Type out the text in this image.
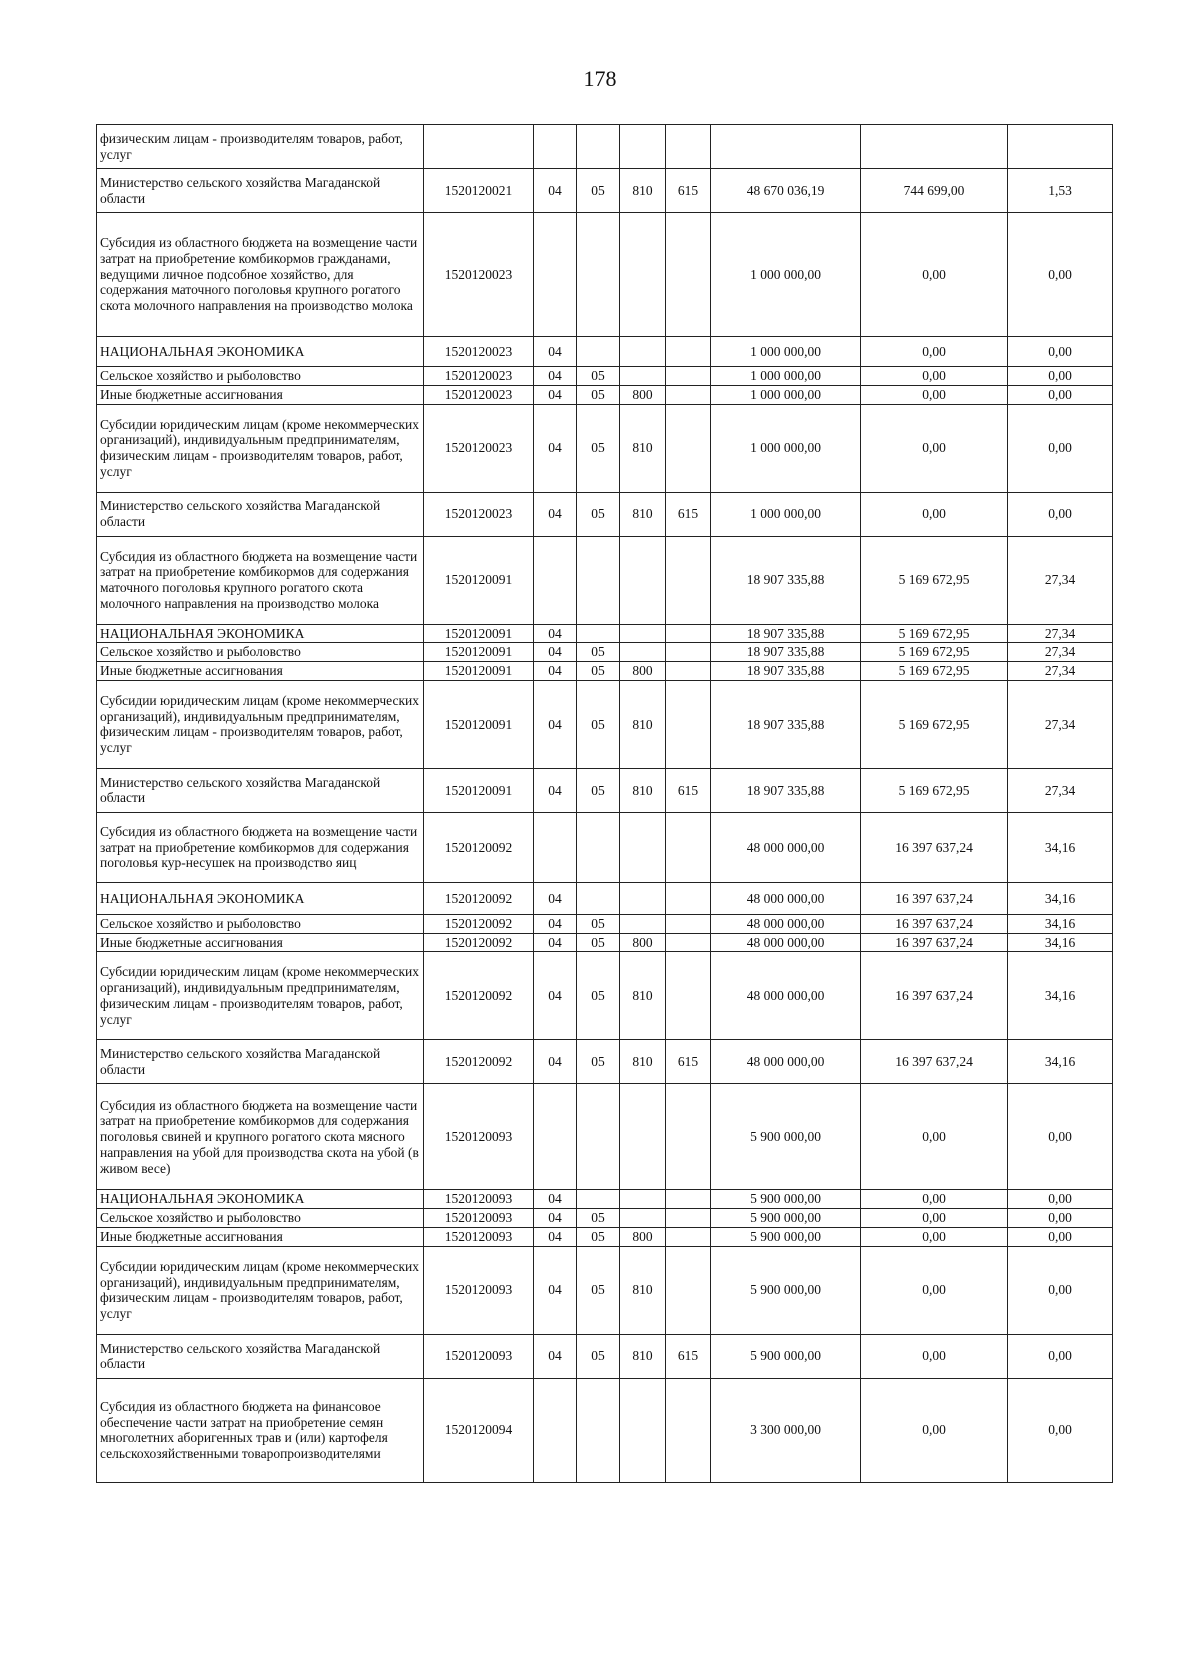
178
физическим лицам - производителям товаров, работ, услуг								
Министерство сельского хозяйства Магаданской области	1520120021	04	05	810	615	48 670 036,19	744 699,00	1,53
Субсидия из областного бюджета на возмещение части затрат на приобретение комбикормов гражданами, ведущими личное подсобное хозяйство, для содержания маточного поголовья крупного рогатого скота молочного направления на производство молока	1520120023					1 000 000,00	0,00	0,00
НАЦИОНАЛЬНАЯ ЭКОНОМИКА	1520120023	04				1 000 000,00	0,00	0,00
Сельское хозяйство и рыболовство	1520120023	04	05			1 000 000,00	0,00	0,00
Иные бюджетные ассигнования	1520120023	04	05	800		1 000 000,00	0,00	0,00
Субсидии юридическим лицам (кроме некоммерческих организаций), индивидуальным предпринимателям, физическим лицам - производителям товаров, работ, услуг	1520120023	04	05	810		1 000 000,00	0,00	0,00
Министерство сельского хозяйства Магаданской области	1520120023	04	05	810	615	1 000 000,00	0,00	0,00
Субсидия из областного бюджета на возмещение части затрат на приобретение комбикормов для содержания маточного поголовья крупного рогатого скота молочного направления на производство молока	1520120091					18 907 335,88	5 169 672,95	27,34
НАЦИОНАЛЬНАЯ ЭКОНОМИКА	1520120091	04				18 907 335,88	5 169 672,95	27,34
Сельское хозяйство и рыболовство	1520120091	04	05			18 907 335,88	5 169 672,95	27,34
Иные бюджетные ассигнования	1520120091	04	05	800		18 907 335,88	5 169 672,95	27,34
Субсидии юридическим лицам (кроме некоммерческих организаций), индивидуальным предпринимателям, физическим лицам - производителям товаров, работ, услуг	1520120091	04	05	810		18 907 335,88	5 169 672,95	27,34
Министерство сельского хозяйства Магаданской области	1520120091	04	05	810	615	18 907 335,88	5 169 672,95	27,34
Субсидия из областного бюджета на возмещение части затрат на приобретение комбикормов для содержания поголовья кур-несушек на производство яиц	1520120092					48 000 000,00	16 397 637,24	34,16
НАЦИОНАЛЬНАЯ ЭКОНОМИКА	1520120092	04				48 000 000,00	16 397 637,24	34,16
Сельское хозяйство и рыболовство	1520120092	04	05			48 000 000,00	16 397 637,24	34,16
Иные бюджетные ассигнования	1520120092	04	05	800		48 000 000,00	16 397 637,24	34,16
Субсидии юридическим лицам (кроме некоммерческих организаций), индивидуальным предпринимателям, физическим лицам - производителям товаров, работ, услуг	1520120092	04	05	810		48 000 000,00	16 397 637,24	34,16
Министерство сельского хозяйства Магаданской области	1520120092	04	05	810	615	48 000 000,00	16 397 637,24	34,16
Субсидия из областного бюджета на возмещение части затрат на приобретение комбикормов для содержания поголовья свиней и крупного рогатого скота мясного направления на убой для производства скота на убой (в живом весе)	1520120093					5 900 000,00	0,00	0,00
НАЦИОНАЛЬНАЯ ЭКОНОМИКА	1520120093	04				5 900 000,00	0,00	0,00
Сельское хозяйство и рыболовство	1520120093	04	05			5 900 000,00	0,00	0,00
Иные бюджетные ассигнования	1520120093	04	05	800		5 900 000,00	0,00	0,00
Субсидии юридическим лицам (кроме некоммерческих организаций), индивидуальным предпринимателям, физическим лицам - производителям товаров, работ, услуг	1520120093	04	05	810		5 900 000,00	0,00	0,00
Министерство сельского хозяйства Магаданской области	1520120093	04	05	810	615	5 900 000,00	0,00	0,00
Субсидия из областного бюджета на финансовое обеспечение части затрат на приобретение семян многолетних аборигенных трав и (или) картофеля сельскохозяйственными товаропроизводителями	1520120094					3 300 000,00	0,00	0,00
